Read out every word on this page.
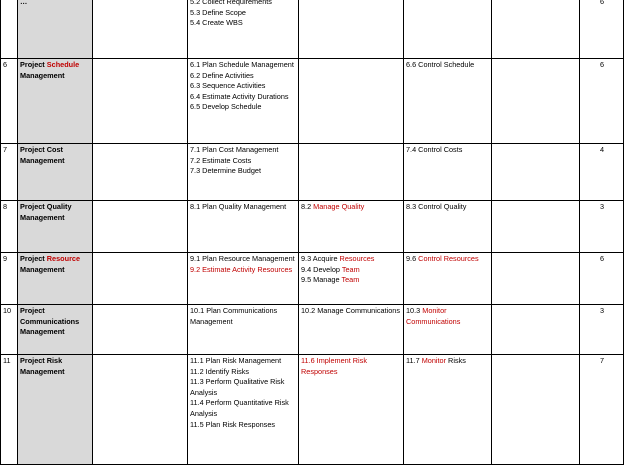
	…		5.2 Collect Requirements
5.3 Define Scope
5.4 Create WBS				6
6	Project Schedule Management		6.1 Plan Schedule Management
6.2 Define Activities
6.3 Sequence Activities
6.4 Estimate Activity Durations
6.5 Develop Schedule		6.6 Control Schedule		6
7	Project Cost Management		7.1 Plan Cost Management
7.2 Estimate Costs
7.3 Determine Budget		7.4 Control Costs		4
8	Project Quality Management		8.1 Plan Quality Management	8.2 Manage Quality	8.3 Control Quality		3
9	Project Resource Management		9.1 Plan Resource Management
9.2 Estimate Activity Resources	9.3 Acquire Resources
9.4 Develop Team
9.5 Manage Team	9.6 Control Resources		6
10	Project Communications Management		10.1 Plan Communications Management	10.2 Manage Communications	10.3 Monitor Communications		3
11	Project Risk Management		11.1 Plan Risk Management
11.2 Identify Risks
11.3 Perform Qualitative Risk Analysis
11.4 Perform Quantitative Risk Analysis
11.5 Plan Risk Responses	11.6 Implement Risk Responses	11.7 Monitor Risks		7
